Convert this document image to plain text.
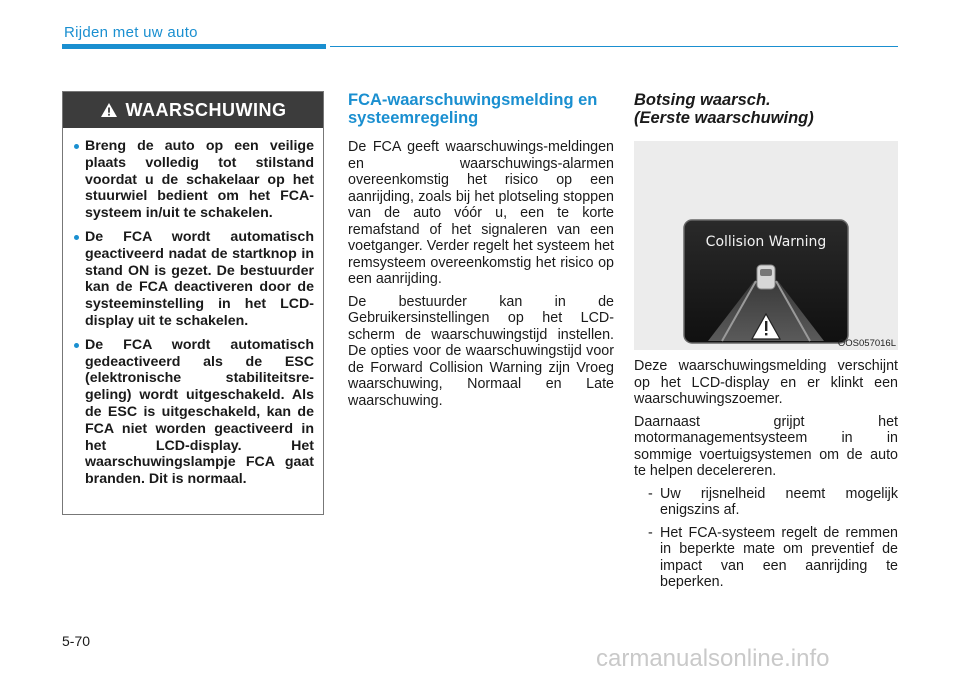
Rijden met uw auto
WAARSCHUWING
Breng de auto op een veilige plaats volledig tot stilstand voordat u de schakelaar op het stuurwiel bedient om het FCA-systeem in/uit te schakelen.
De FCA wordt automatisch geactiveerd nadat de startknop in stand ON is gezet. De bestuurder kan de FCA deactiveren door de systeeminstelling in het LCD-display uit te schakelen.
De FCA wordt automatisch gedeactiveerd als de ESC (elektronische stabiliteitsre-geling) wordt uitgeschakeld. Als de ESC is uitgeschakeld, kan de FCA niet worden geactiveerd in het LCD-display. Het waarschuwingslampje FCA gaat branden. Dit is normaal.
FCA-waarschuwingsmelding en systeemregeling

De FCA geeft waarschuwings-meldingen en waarschuwings-alarmen overeenkomstig het risico op een aanrijding, zoals bij het plotseling stoppen van de auto vóór u, een te korte remafstand of het signaleren van een voetganger. Verder regelt het systeem het remsysteem overeenkomstig het risico op een aanrijding.

De bestuurder kan in de Gebruikersinstellingen op het LCD-scherm de waarschuwingstijd instellen. De opties voor de waarschuwingstijd voor de Forward Collision Warning zijn Vroeg waarschuwing, Normaal en Late waarschuwing.

Botsing waarsch.
(Eerste waarschuwing)
Collision Warning
OOS057016L

Deze waarschuwingsmelding verschijnt op het LCD-display en er klinkt een waarschuwingszoemer.

Daarnaast grijpt het motormanagementsysteem in in sommige voertuigsystemen om de auto te helpen decelereren.

- Uw rijsnelheid neemt mogelijk enigszins af.
- Het FCA-systeem regelt de remmen in beperkte mate om preventief de impact van een aanrijding te beperken.
5-70
carmanualsonline.info
